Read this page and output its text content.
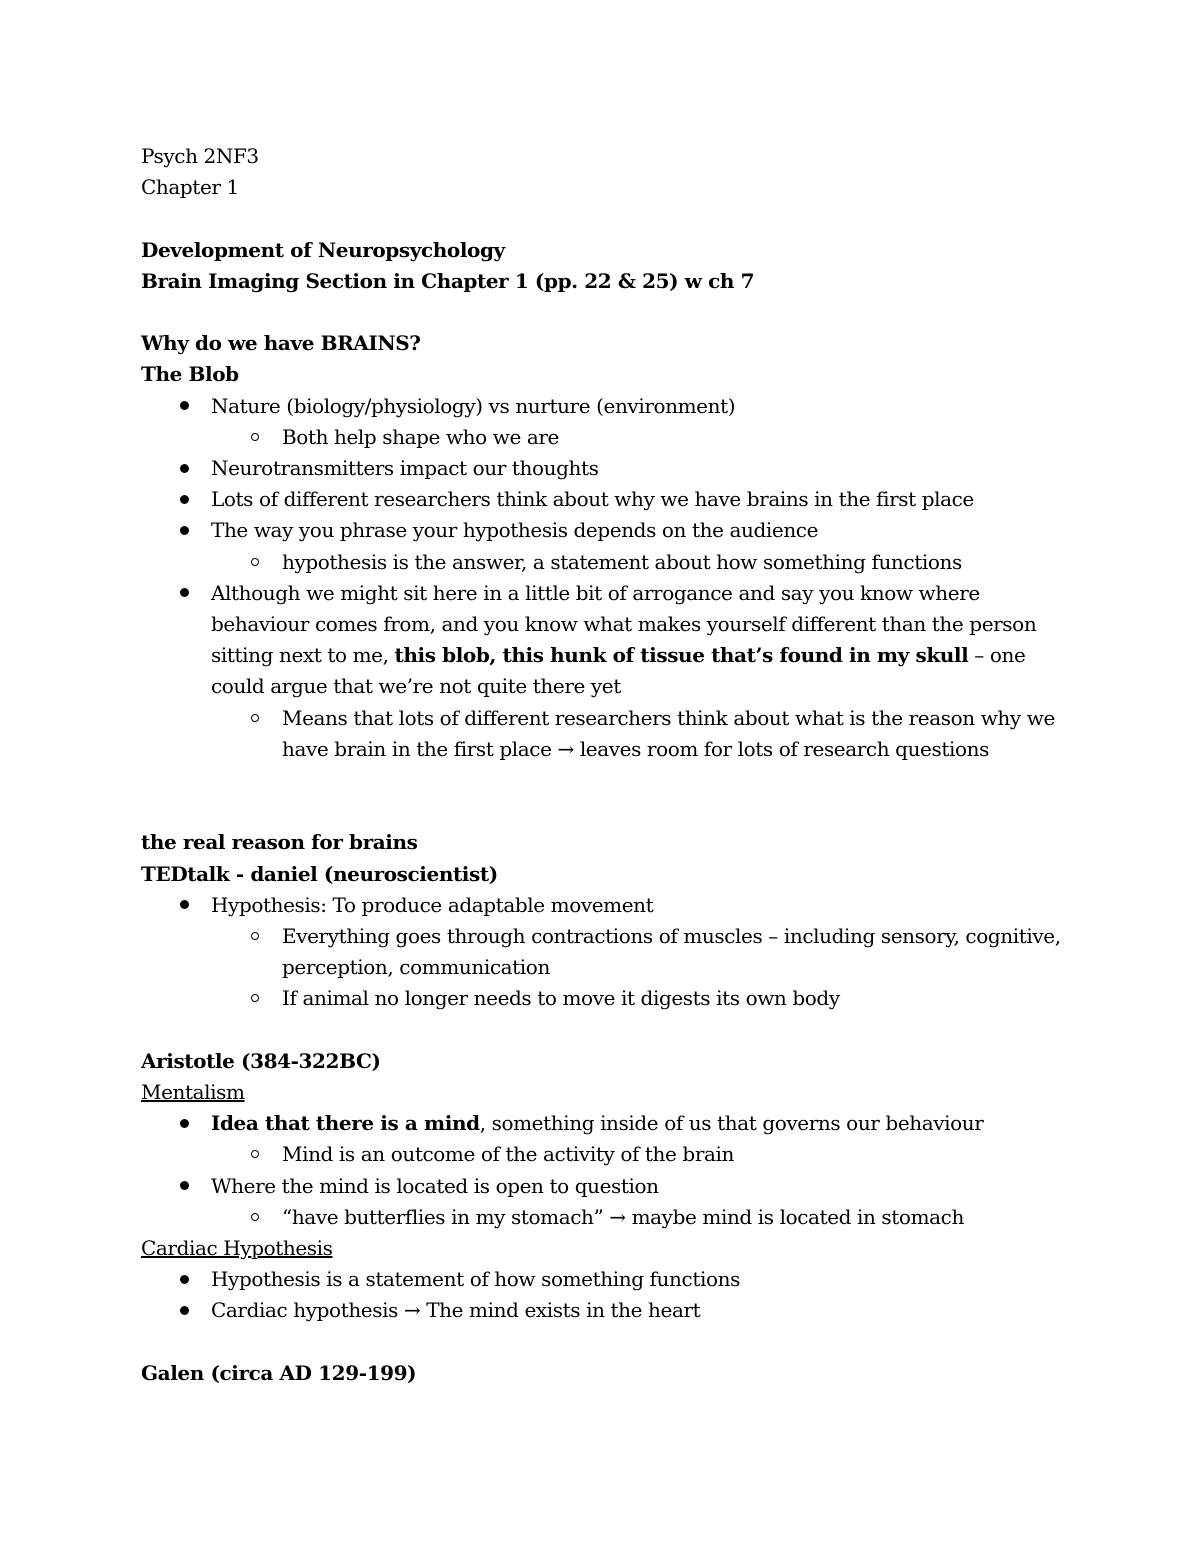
Psych 2NF3

Chapter 1

Development of Neuropsychology

Brain Imaging Section in Chapter 1 (pp. 22 & 25) w ch 7

Why do we have BRAINS?

The Blob

Nature (biology/physiology) vs nurture (environment)
Both help shape who we are
Neurotransmitters impact our thoughts
Lots of different researchers think about why we have brains in the first place
The way you phrase your hypothesis depends on the audience
hypothesis is the answer, a statement about how something functions
Although we might sit here in a little bit of arrogance and say you know where behaviour comes from, and you know what makes yourself different than the person sitting next to me, this blob, this hunk of tissue that’s found in my skull – one could argue that we’re not quite there yet
Means that lots of different researchers think about what is the reason why we have brain in the first place → leaves room for lots of research questions

the real reason for brains

TEDtalk - daniel (neuroscientist)

Hypothesis: To produce adaptable movement
Everything goes through contractions of muscles – including sensory, cognitive, perception, communication
If animal no longer needs to move it digests its own body

Aristotle (384-322BC)

Mentalism

Idea that there is a mind, something inside of us that governs our behaviour
Mind is an outcome of the activity of the brain
Where the mind is located is open to question
“have butterflies in my stomach” → maybe mind is located in stomach

Cardiac Hypothesis

Hypothesis is a statement of how something functions
Cardiac hypothesis → The mind exists in the heart

Galen (circa AD 129-199)
